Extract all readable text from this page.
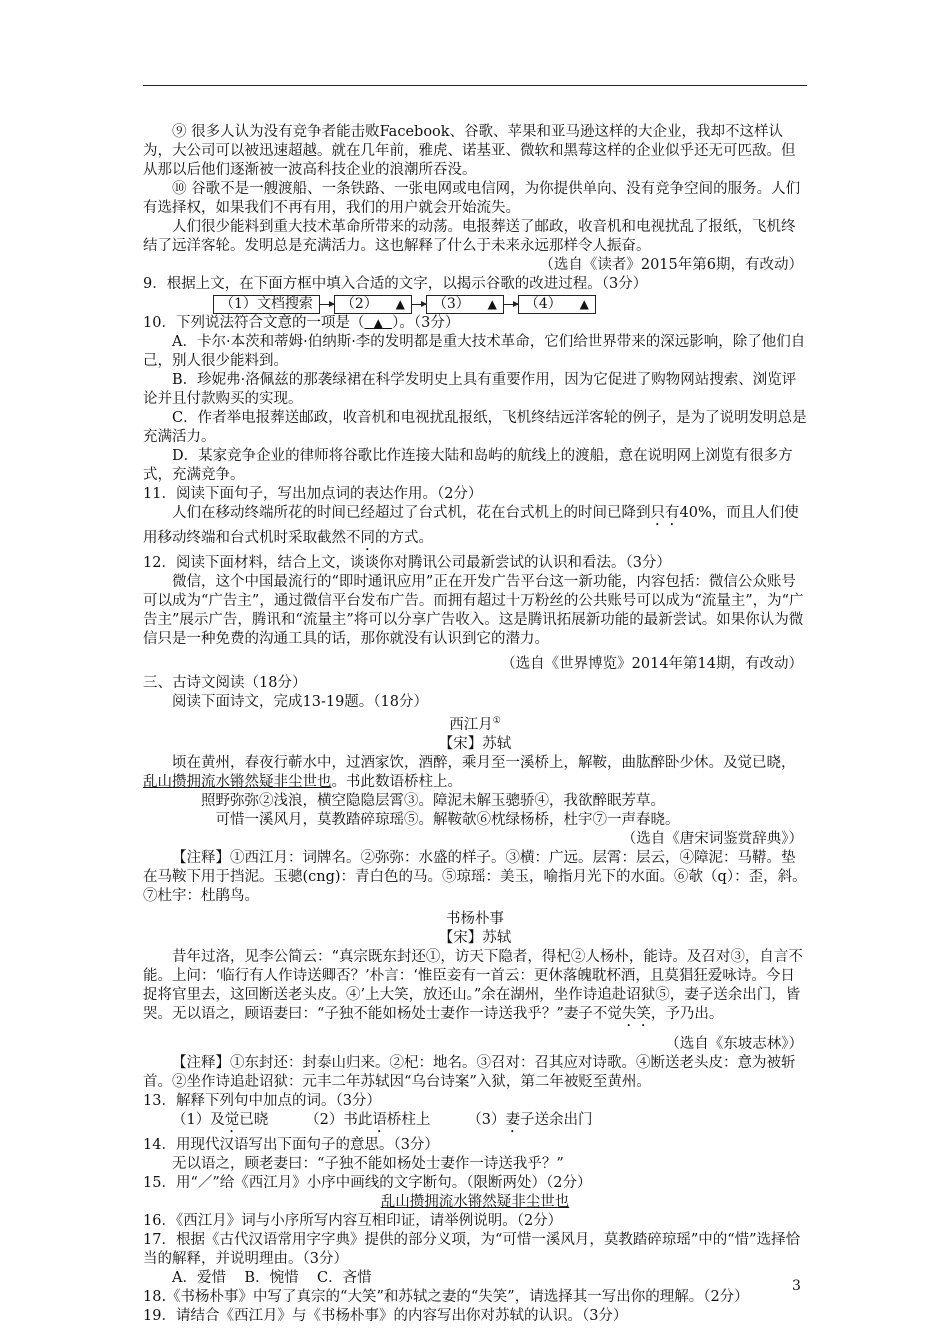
⑨ 很多人认为没有竞争者能击败Facebook、谷歌、苹果和亚马逊这样的大企业，我却不这样认为，大公司可以被迅速超越。就在几年前，雅虎、诺基亚、微软和黑莓这样的企业似乎还无可匹敌。但从那以后他们逐渐被一波高科技企业的浪潮所吞没。

⑩ 谷歌不是一艘渡船、一条铁路、一张电网或电信网，为你提供单向、没有竞争空间的服务。人们有选择权，如果我们不再有用，我们的用户就会开始流失。

人们很少能料到重大技术革命所带来的动荡。电报葬送了邮政，收音机和电视扰乱了报纸，飞机终结了远洋客轮。发明总是充满活力。这也解释了什么于未来永远那样令人振奋。

（选自《读者》2015年第6期，有改动）

9．根据上文，在下面方框中填入合适的文字，以揭示谷歌的改进过程。（3分）

（1）文档搜索	（2） ▲	（3） ▲	（4） ▲

10．下列说法符合文意的一项是（ ▲ ）。（3分）

A．卡尔·本茨和蒂姆·伯纳斯·李的发明都是重大技术革命，它们给世界带来的深远影响，除了他们自己，别人很少能料到。

B．珍妮弗·洛佩兹的那袭绿裙在科学发明史上具有重要作用，因为它促进了购物网站搜索、浏览评论并且付款购买的实现。

C．作者举电报葬送邮政，收音机和电视扰乱报纸，飞机终结远洋客轮的例子，是为了说明发明总是充满活力。

D．某家竞争企业的律师将谷歌比作连接大陆和岛屿的航线上的渡船，意在说明网上浏览有很多方式，充满竞争。

11．阅读下面句子，写出加点词的表达作用。（2分）

人们在移动终端所花的时间已经超过了台式机，花在台式机上的时间已降到只有40%，而且人们使用移动终端和台式机时采取截然不同的方式。

12．阅读下面材料，结合上文，谈谈你对腾讯公司最新尝试的认识和看法。（3分）

微信，这个中国最流行的“即时通讯应用”正在开发广告平台这一新功能，内容包括：微信公众账号可以成为“广告主”，通过微信平台发布广告。而拥有超过十万粉丝的公共账号可以成为“流量主”，为“广告主”展示广告，腾讯和“流量主”将可以分享广告收入。这是腾讯拓展新功能的最新尝试。如果你认为微信只是一种免费的沟通工具的话，那你就没有认识到它的潜力。

（选自《世界博览》2014年第14期，有改动）

三、古诗文阅读（18分）

阅读下面诗文，完成13-19题。（18分）

西江月①

【宋】苏轼

顷在黄州，春夜行蕲水中，过酒家饮，酒醉，乘月至一溪桥上，解鞍，曲肱醉卧少休。及觉已晓，乱山攒拥流水锵然疑非尘世也。书此数语桥柱上。

照野弥弥②浅浪，横空隐隐层霄③。障泥未解玉骢骄④，我欲醉眠芳草。

可惜一溪风月，莫教踏碎琼瑶⑤。解鞍欹⑥枕绿杨桥，杜宇⑦一声春晓。

（选自《唐宋词鉴赏辞典》）

【注释】①西江月：词牌名。②弥弥：水盛的样子。③横：广远。层霄：层云，④障泥：马鞯。垫在马鞍下用于挡泥。玉骢(cng)：青白色的马。⑤琼瑶：美玉，喻指月光下的水面。⑥欹（q）：歪，斜。⑦杜宇：杜鹃鸟。

书杨朴事

【宋】苏轼

昔年过洛，见李公简云：“真宗既东封还①，访天下隐者，得杞②人杨朴，能诗。及召对③，自言不能。上问：‘临行有人作诗送卿否？’朴言：‘惟臣妾有一首云：更休落魄耽杯酒，且莫猖狂爱咏诗。今日捉将官里去，这回断送老头皮。④’上大笑，放还山。”余在湖州，坐作诗追赴诏狱⑤，妻子送余出门，皆哭。无以语之，顾语妻曰：“子独不能如杨处士妻作一诗送我乎？”妻子不觉失笑，予乃出。

（选自《东坡志林》）

【注释】①东封还：封泰山归来。②杞：地名。③召对：召其应对诗歌。④断送老头皮：意为被斩首。②坐作诗追赴诏狱：元丰二年苏轼因“乌台诗案”入狱，第二年被贬至黄州。

13．解释下列句中加点的词。（3分）

（1）及觉已晓	（2）书此语桥柱上	（3）妻子送余出门

14．用现代汉语写出下面句子的意思。（3分）

无以语之，顾老妻曰：“子独不能如杨处士妻作一诗送我乎？”

15．用“／”给《西江月》小序中画线的文字断句。（限断两处）（2分）

乱山攒拥流水锵然疑非尘世也

16．《西江月》词与小序所写内容互相印证，请举例说明。（2分）

17．根据《古代汉语常用字字典》提供的部分义项，为“可惜一溪风月，莫教踏碎琼瑶”中的“惜”选择恰当的解释，并说明理由。（3分）

A．爱惜 B．惋惜 C．吝惜

18.《书杨朴事》中写了真宗的“大笑”和苏轼之妻的“失笑”，请选择其一写出你的理解。（2分）

19．请结合《西江月》与《书杨朴事》的内容写出你对苏轼的认识。（3分）

3
